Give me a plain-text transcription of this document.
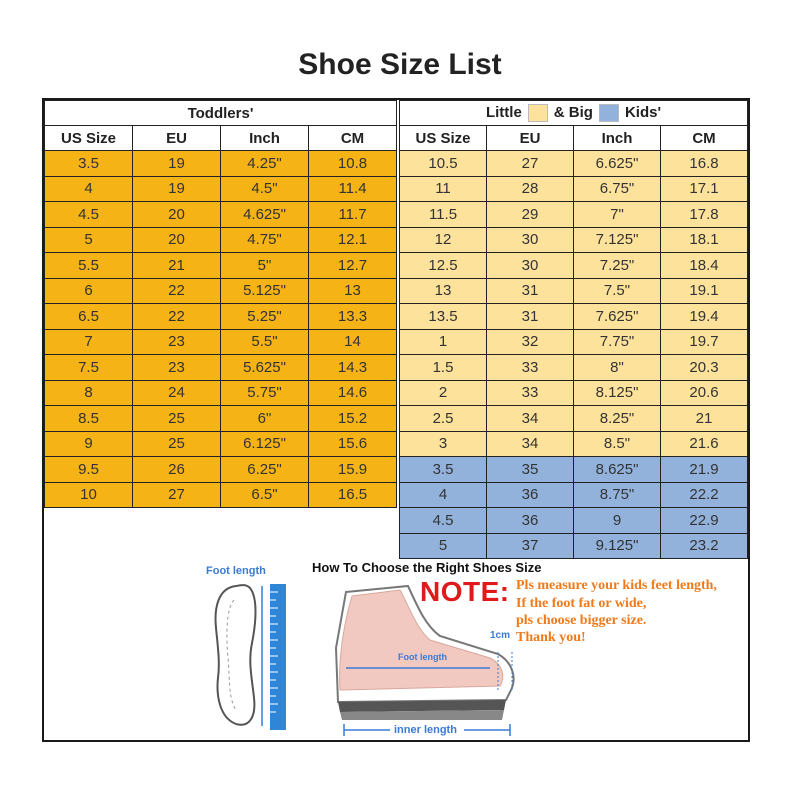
Shoe Size List
Toddlers'			
US Size	EU	Inch	CM
3.5	19	4.25"	10.8
4	19	4.5"	11.4
4.5	20	4.625"	11.7
5	20	4.75"	12.1
5.5	21	5"	12.7
6	22	5.125"	13
6.5	22	5.25"	13.3
7	23	5.5"	14
7.5	23	5.625"	14.3
8	24	5.75"	14.6
8.5	25	6"	15.2
9	25	6.125"	15.6
9.5	26	6.25"	15.9
10	27	6.5"	16.5
Little & Big Kids'			
US Size	EU	Inch	CM
10.5	27	6.625"	16.8
11	28	6.75"	17.1
11.5	29	7"	17.8
12	30	7.125"	18.1
12.5	30	7.25"	18.4
13	31	7.5"	19.1
13.5	31	7.625"	19.4
1	32	7.75"	19.7
1.5	33	8"	20.3
2	33	8.125"	20.6
2.5	34	8.25"	21
3	34	8.5"	21.6
3.5	35	8.625"	21.9
4	36	8.75"	22.2
4.5	36	9	22.9
5	37	9.125"	23.2
Foot length	How To Choose the Right Shoes Size
Foot length
1cm
inner length
NOTE: Pls measure your kids feet length,
If the foot fat or wide,
pls choose bigger size.
Thank you!
